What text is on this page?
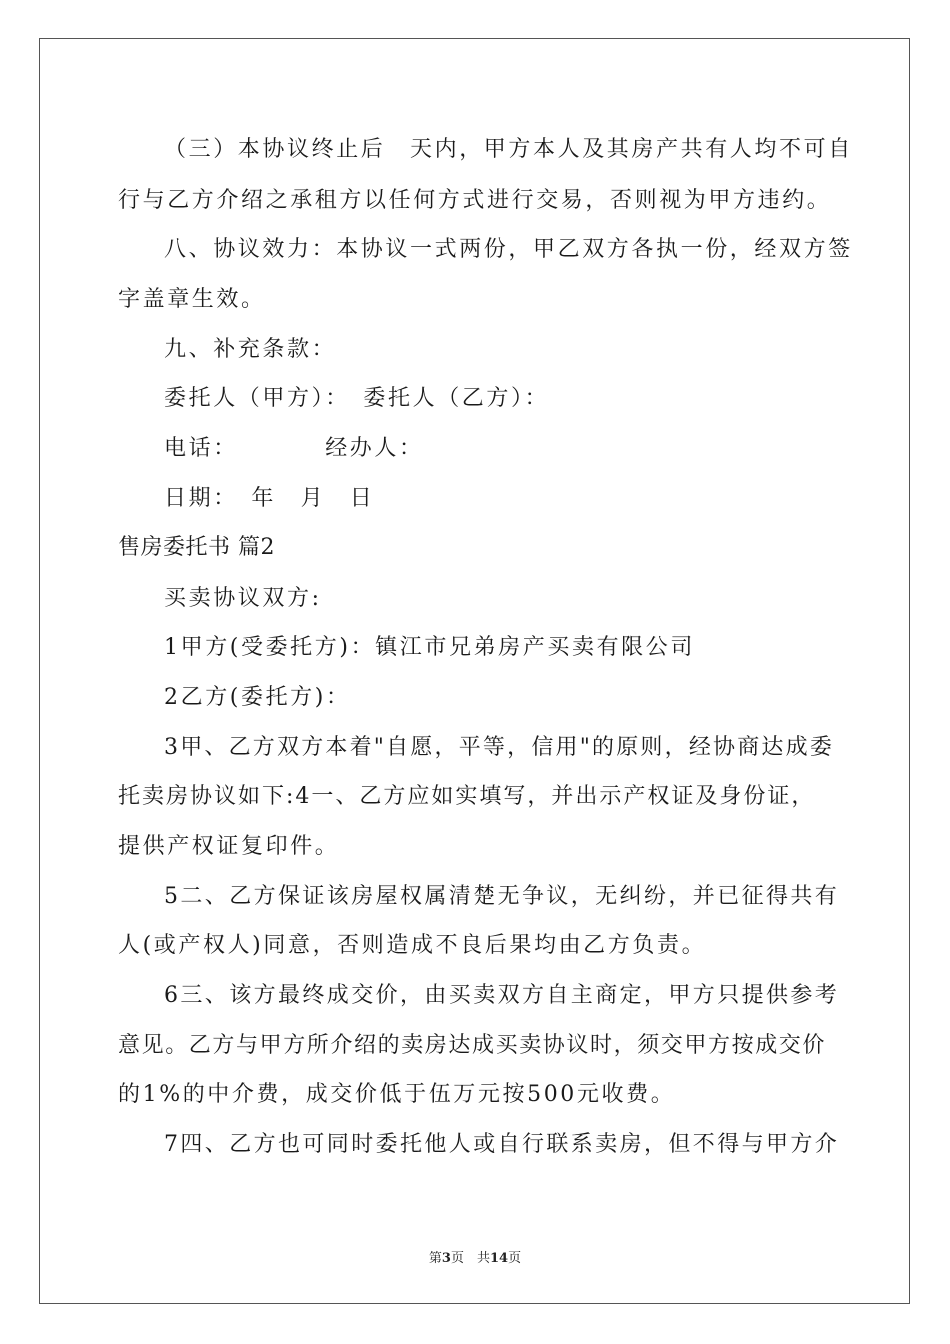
（三）本协议终止后　天内，甲方本人及其房产共有人均不可自
行与乙方介绍之承租方以任何方式进行交易，否则视为甲方违约。
八、协议效力：本协议一式两份，甲乙双方各执一份，经双方签
字盖章生效。
九、补充条款：
委托人（甲方）：　委托人（乙方）：
电话：　　　　经办人：
日期：　年　月　日
售房委托书 篇2
买卖协议双方:
1甲方(受委托方)：镇江市兄弟房产买卖有限公司
2乙方(委托方)：
3甲、乙方双方本着"自愿，平等，信用"的原则，经协商达成委
托卖房协议如下:4一、乙方应如实填写，并出示产权证及身份证，
提供产权证复印件。
5二、乙方保证该房屋权属清楚无争议，无纠纷，并已征得共有
人(或产权人)同意，否则造成不良后果均由乙方负责。
6三、该方最终成交价，由买卖双方自主商定，甲方只提供参考
意见。乙方与甲方所介绍的卖房达成买卖协议时，须交甲方按成交价
的1%的中介费，成交价低于伍万元按500元收费。
7四、乙方也可同时委托他人或自行联系卖房，但不得与甲方介
第3页　共14页
